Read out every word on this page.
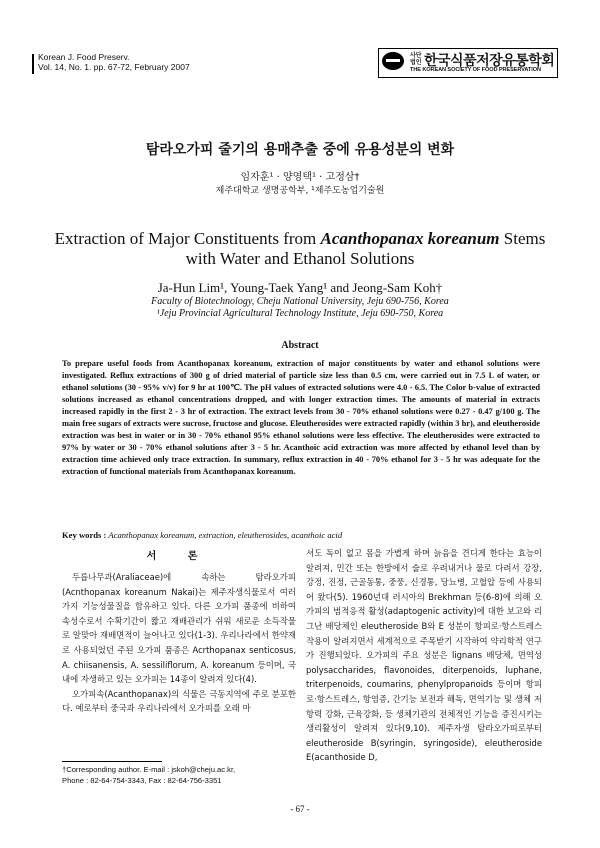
Korean J. Food Preserv.
Vol. 14, No. 1. pp. 67-72, February 2007
사단
법인 한국식품저장유통학회
THE KOREAN SOCIETY OF FOOD PRESERVATION
탐라오가피 줄기의 용매추출 중에 유용성분의 변화
임자훈¹ · 양영택¹ · 고정삼†
제주대학교 생명공학부, ¹제주도농업기술원
Extraction of Major Constituents from Acanthopanax koreanum Stems
with Water and Ethanol Solutions
Ja-Hun Lim¹, Young-Taek Yang¹ and Jeong-Sam Koh†
Faculty of Biotechnology, Cheju National University, Jeju 690-756, Korea
¹Jeju Provincial Agricultural Technology Institute, Jeju 690-750, Korea
Abstract
To prepare useful foods from Acanthopanax koreanum, extraction of major constituents by water and ethanol solutions were investigated. Reflux extractions of 300 g of dried material of particle size less than 0.5 cm, were carried out in 7.5 L of water, or ethanol solutions (30 - 95% v/v) for 9 hr at 100℃. The pH values of extracted solutions were 4.0 - 6.5. The Color b-value of extracted solutions increased as ethanol concentrations dropped, and with longer extraction times. The amounts of material in extracts increased rapidly in the first 2 - 3 hr of extraction. The extract levels from 30 - 70% ethanol solutions were 0.27 - 0.47 g/100 g. The main free sugars of extracts were sucrose, fructose and glucose. Eleutherosides were extracted rapidly (within 3 hr), and eleutheroside extraction was best in water or in 30 - 70% ethanol 95% ethanol solutions were less effective. The eleutherosides were extracted to 97% by water or 30 - 70% ethanol solutions after 3 - 5 hr. Acanthoic acid extraction was more affected by ethanol level than by extraction time achieved only trace extraction. In summary, reflux extraction in 40 - 70% ethanol for 3 - 5 hr was adequate for the extraction of functional materials from Acanthopanax koreanum.
Key words : Acanthopanax koreanum, extraction, eleutherosides, acanthoic acid
서 론

두릅나무과(Araliaceae)에 속하는 탐라오가피(Acnthopanax koreanum Nakai)는 제주자생식물로서 여러 가지 기능성물질을 함유하고 있다. 다른 오가피 품종에 비하여 속성수로서 수확기간이 짧고 재배관리가 쉬워 새로운 소득작물로 알맞아 재배면적이 늘어나고 있다(1-3). 우리나라에서 한약재로 사용되었던 주된 오가피 품종은 Acrthopanax senticosus, A. chiisanensis, A. sessiliflorum, A. koreanum 등이며, 국내에 자생하고 있는 오가피는 14종이 알려져 있다(4).

오가피속(Acanthopanax)의 식물은 극동지역에 주로 분포한다. 예로부터 중국과 우리나라에서 오가피를 오래 마

셔도 독이 없고 몸을 가볍게 하며 늙음을 견디게 한다는 효능이 알려져, 민간 또는 한방에서 술로 우려내거나 물로 다려서 강장, 강정, 진정, 근골동통, 중풍, 신경통, 당뇨병, 고혈압 등에 사용되어 왔다(5). 1960년대 러시아의 Brekhman 등(6-8)에 의해 오가피의 범적응적 활성(adaptogenic activity)에 대한 보고와 리그난 배당체인 eleutheroside B와 E 성분이 항피로·항스트레스 작용이 알려지면서 세계적으로 주목받기 시작하여 약리학적 연구가 진행되었다. 오가피의 주요 성분은 lignans 배당체, 면역성 polysaccharides, flavonoides, diterpenoids, luphane, triterpenoids, coumarins, phenylpropanoids 등이며 항피로·항스트레스, 항염증, 간기능 보전과 해독, 면역기능 및 생체 저항력 강화, 근육강화, 등 생체기관의 전체적인 기능을 증진시키는 생리활성이 알려져 있다(9,10). 제주자생 탐라오가피로부터 eleutheroside B(syringin, syringoside), eleutheroside E(acanthoside D,
†Corresponding author. E-mail : jskoh@cheju.ac.kr,
Phone : 82-64-754-3343, Fax : 82-64-756-3351
- 67 -
